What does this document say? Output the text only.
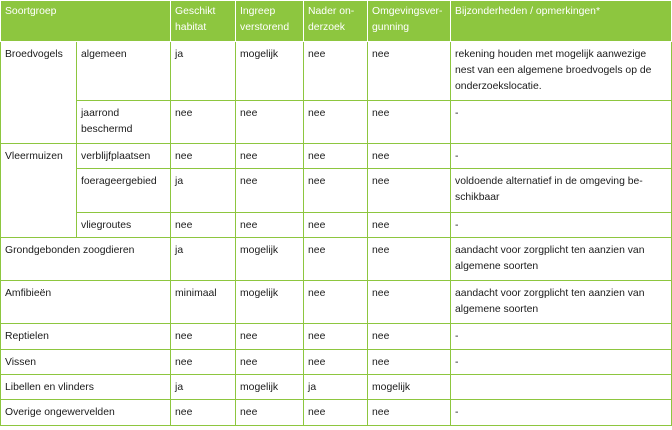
Soortgroep		Geschikt habitat	Ingreep verstorend	Nader on-derzoek	Omgevingsver-gunning	Bijzonderheden / opmerkingen*
Broedvogels	algemeen	ja	mogelijk	nee	nee	rekening houden met mogelijk aanwezige nest van een algemene broedvogels op de onderzoekslocatie.
	jaarrond beschermd	nee	nee	nee	nee	-
Vleermuizen	verblijfplaatsen	nee	nee	nee	nee	-
	foerageergebied	ja	nee	nee	nee	voldoende alternatief in de omgeving be-schikbaar
	vliegroutes	nee	nee	nee	nee	-
Grondgebonden zoogdieren		ja	mogelijk	nee	nee	aandacht voor zorgplicht ten aanzien van algemene soorten
Amfibieën		minimaal	mogelijk	nee	nee	aandacht voor zorgplicht ten aanzien van algemene soorten
Reptielen		nee	nee	nee	nee	-
Vissen		nee	nee	nee	nee	-
Libellen en vlinders		ja	mogelijk	ja	mogelijk	
Overige ongewervelden		nee	nee	nee	nee	-
